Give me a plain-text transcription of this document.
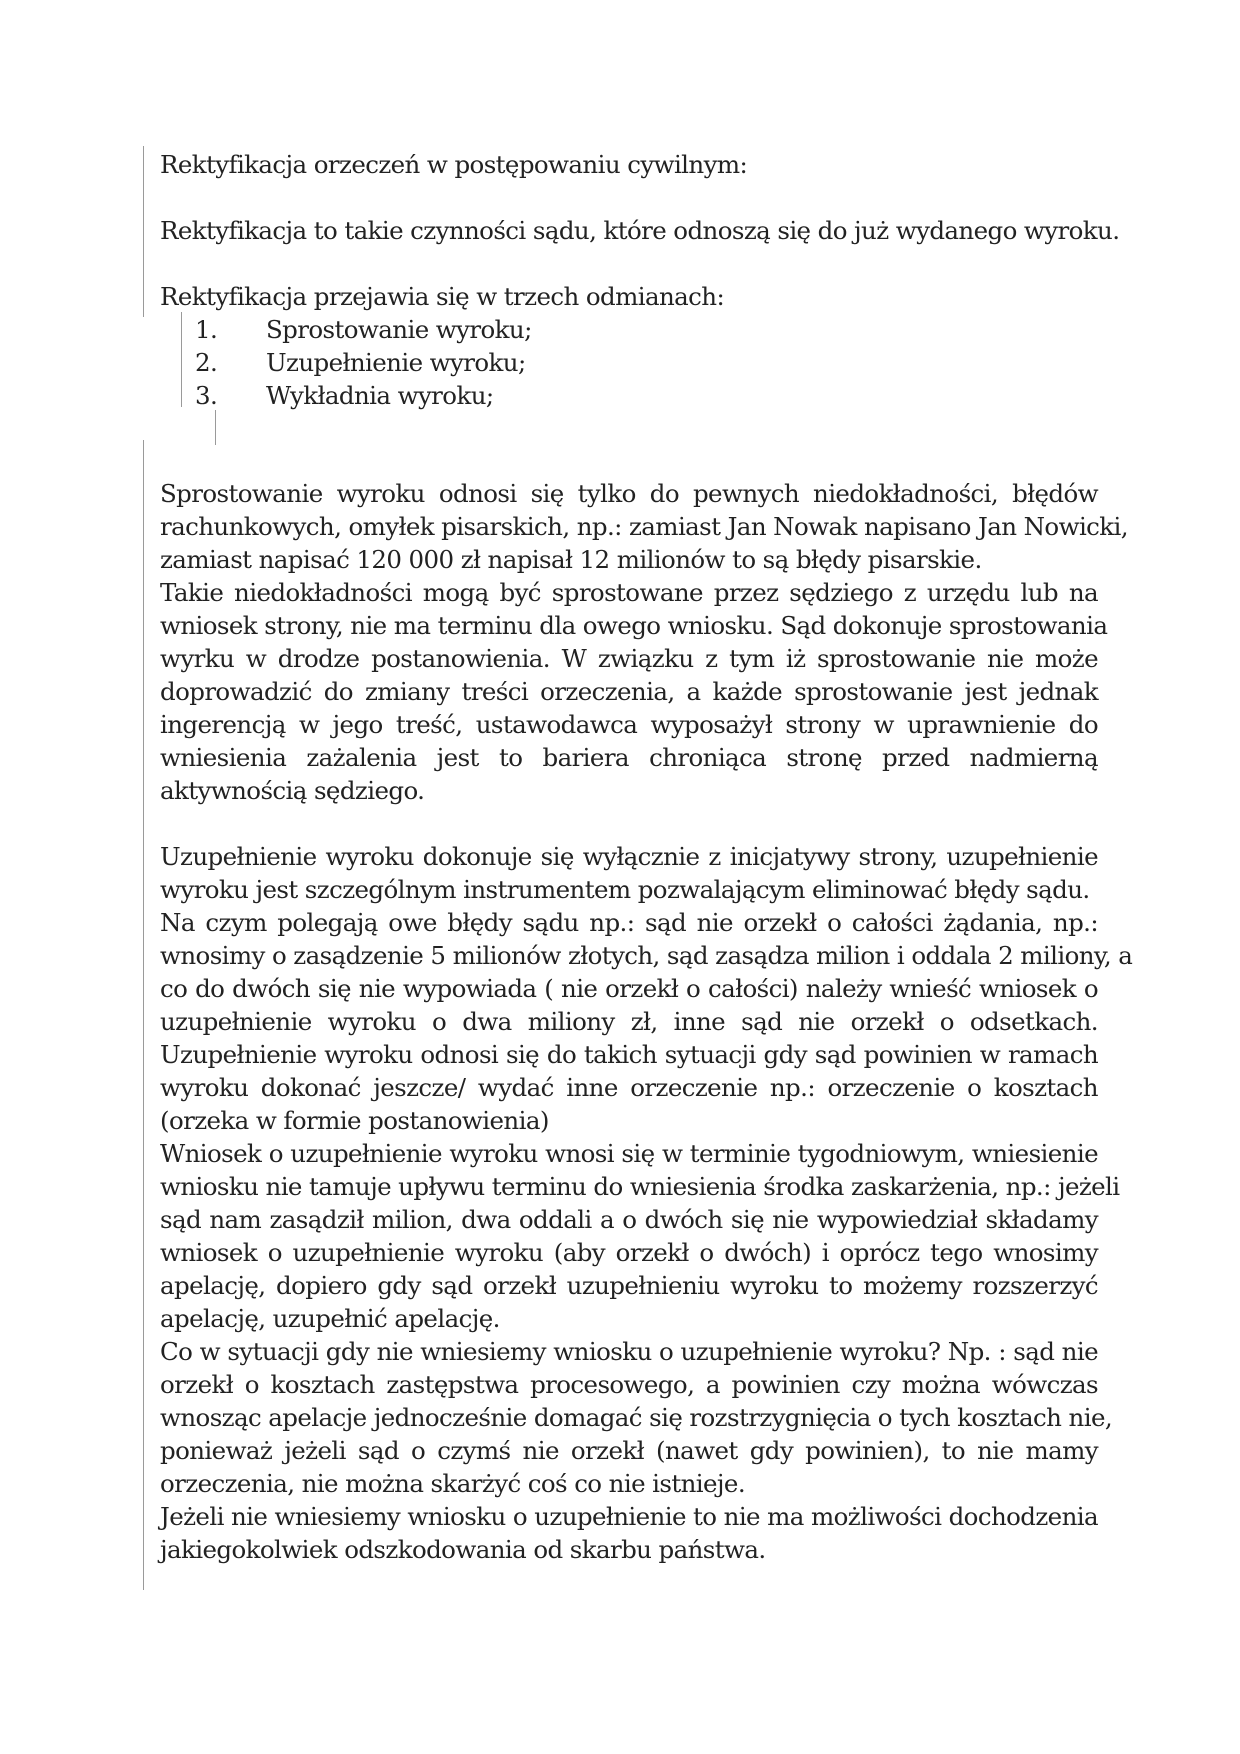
Rektyfikacja orzeczeń w postępowaniu cywilnym:
Rektyfikacja to takie czynności sądu, które odnoszą się do już wydanego wyroku.
Rektyfikacja przejawia się w trzech odmianach:
1. Sprostowanie wyroku;
2. Uzupełnienie wyroku;
3. Wykładnia wyroku;
Sprostowanie wyroku odnosi się tylko do pewnych niedokładności, błędów
rachunkowych, omyłek pisarskich, np.: zamiast Jan Nowak napisano Jan Nowicki,
zamiast napisać 120 000 zł napisał 12 milionów to są błędy pisarskie.
Takie niedokładności mogą być sprostowane przez sędziego z urzędu lub na
wniosek strony, nie ma terminu dla owego wniosku. Sąd dokonuje sprostowania
wyrku w drodze postanowienia. W związku z tym iż sprostowanie nie może
doprowadzić do zmiany treści orzeczenia, a każde sprostowanie jest jednak
ingerencją w jego treść, ustawodawca wyposażył strony w uprawnienie do
wniesienia zażalenia jest to bariera chroniąca stronę przed nadmierną
aktywnością sędziego.
Uzupełnienie wyroku dokonuje się wyłącznie z inicjatywy strony, uzupełnienie
wyroku jest szczególnym instrumentem pozwalającym eliminować błędy sądu.
Na czym polegają owe błędy sądu np.: sąd nie orzekł o całości żądania, np.:
wnosimy o zasądzenie 5 milionów złotych, sąd zasądza milion i oddala 2 miliony, a
co do dwóch się nie wypowiada ( nie orzekł o całości) należy wnieść wniosek o
uzupełnienie wyroku o dwa miliony zł, inne sąd nie orzekł o odsetkach.
Uzupełnienie wyroku odnosi się do takich sytuacji gdy sąd powinien w ramach
wyroku dokonać jeszcze/ wydać inne orzeczenie np.: orzeczenie o kosztach
(orzeka w formie postanowienia)
Wniosek o uzupełnienie wyroku wnosi się w terminie tygodniowym, wniesienie
wniosku nie tamuje upływu terminu do wniesienia środka zaskarżenia, np.: jeżeli
sąd nam zasądził milion, dwa oddali a o dwóch się nie wypowiedział składamy
wniosek o uzupełnienie wyroku (aby orzekł o dwóch) i oprócz tego wnosimy
apelację, dopiero gdy sąd orzekł uzupełnieniu wyroku to możemy rozszerzyć
apelację, uzupełnić apelację.
Co w sytuacji gdy nie wniesiemy wniosku o uzupełnienie wyroku? Np. : sąd nie
orzekł o kosztach zastępstwa procesowego, a powinien czy można wówczas
wnosząc apelacje jednocześnie domagać się rozstrzygnięcia o tych kosztach nie,
ponieważ jeżeli sąd o czymś nie orzekł (nawet gdy powinien), to nie mamy
orzeczenia, nie można skarżyć coś co nie istnieje.
Jeżeli nie wniesiemy wniosku o uzupełnienie to nie ma możliwości dochodzenia
jakiegokolwiek odszkodowania od skarbu państwa.
